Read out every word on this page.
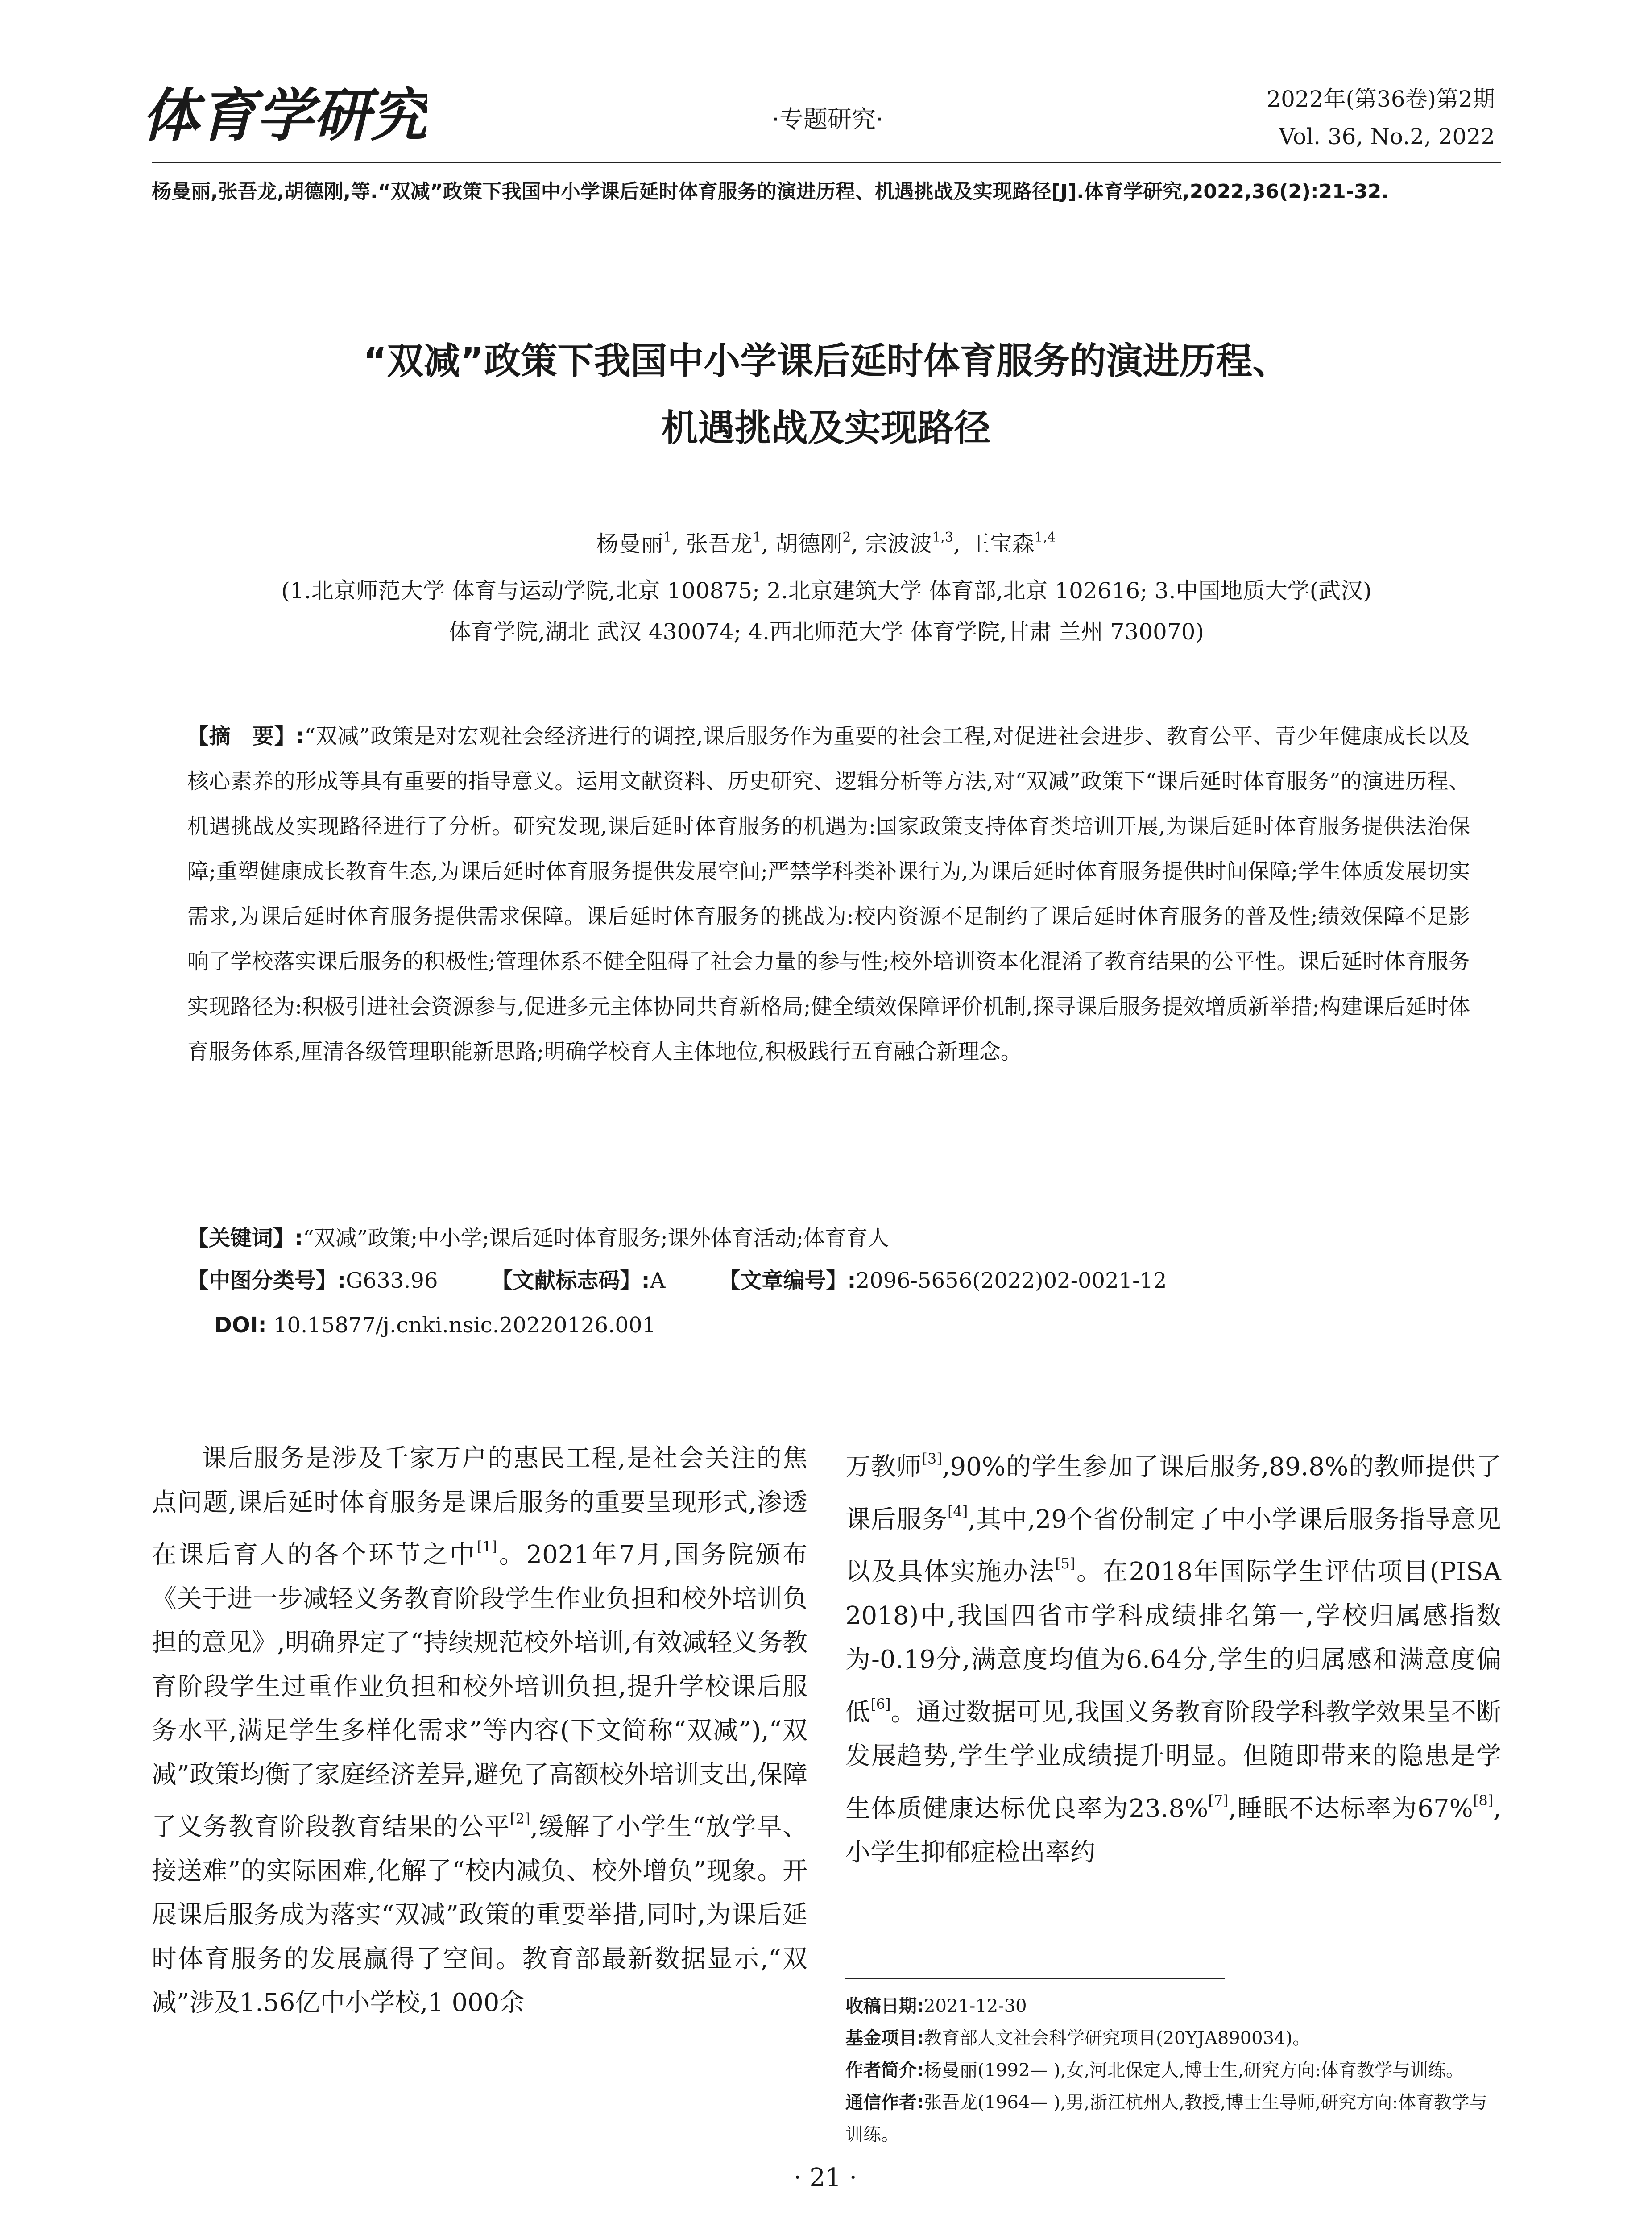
体育学研究	·专题研究·
2022年(第36卷)第2期
Vol. 36, No.2, 2022
杨曼丽,张吾龙,胡德刚,等.“双减”政策下我国中小学课后延时体育服务的演进历程、机遇挑战及实现路径[J].体育学研究,2022,36(2):21-32.
“双减”政策下我国中小学课后延时体育服务的演进历程、
机遇挑战及实现路径
杨曼丽$^1$, 张吾龙$^1$, 胡德刚$^2$, 宗波波$^{1,3}$, 王宝森$^{1,4}$
(1.北京师范大学 体育与运动学院,北京 100875; 2.北京建筑大学 体育部,北京 102616; 3.中国地质大学(武汉)
体育学院,湖北 武汉 430074; 4.西北师范大学 体育学院,甘肃 兰州 730070)
【摘　要】:“双减”政策是对宏观社会经济进行的调控,课后服务作为重要的社会工程,对促进社会进步、教育公平、青少年健康成长以及核心素养的形成等具有重要的指导意义。运用文献资料、历史研究、逻辑分析等方法,对“双减”政策下“课后延时体育服务”的演进历程、机遇挑战及实现路径进行了分析。研究发现,课后延时体育服务的机遇为:国家政策支持体育类培训开展,为课后延时体育服务提供法治保障;重塑健康成长教育生态,为课后延时体育服务提供发展空间;严禁学科类补课行为,为课后延时体育服务提供时间保障;学生体质发展切实需求,为课后延时体育服务提供需求保障。课后延时体育服务的挑战为:校内资源不足制约了课后延时体育服务的普及性;绩效保障不足影响了学校落实课后服务的积极性;管理体系不健全阻碍了社会力量的参与性;校外培训资本化混淆了教育结果的公平性。课后延时体育服务实现路径为:积极引进社会资源参与,促进多元主体协同共育新格局;健全绩效保障评价机制,探寻课后服务提效增质新举措;构建课后延时体育服务体系,厘清各级管理职能新思路;明确学校育人主体地位,积极践行五育融合新理念。
【关键词】:“双减”政策;中小学;课后延时体育服务;课外体育活动;体育育人
【中图分类号】:G633.96	【文献标志码】:A	【文章编号】:2096-5656(2022)02-0021-12
DOI: 10.15877/j.cnki.nsic.20220126.001

课后服务是涉及千家万户的惠民工程,是社会关注的焦点问题,课后延时体育服务是课后服务的重要呈现形式,渗透在课后育人的各个环节之中[1]。2021年7月,国务院颁布《关于进一步减轻义务教育阶段学生作业负担和校外培训负担的意见》,明确界定了“持续规范校外培训,有效减轻义务教育阶段学生过重作业负担和校外培训负担,提升学校课后服务水平,满足学生多样化需求”等内容(下文简称“双减”),“双减”政策均衡了家庭经济差异,避免了高额校外培训支出,保障了义务教育阶段教育结果的公平[2],缓解了小学生“放学早、接送难”的实际困难,化解了“校内减负、校外增负”现象。开展课后服务成为落实“双减”政策的重要举措,同时,为课后延时体育服务的发展赢得了空间。教育部最新数据显示,“双减”涉及1.56亿中小学校,1 000余

万教师[3],90%的学生参加了课后服务,89.8%的教师提供了课后服务[4],其中,29个省份制定了中小学课后服务指导意见以及具体实施办法[5]。在2018年国际学生评估项目(PISA 2018)中,我国四省市学科成绩排名第一,学校归属感指数为-0.19分,满意度均值为6.64分,学生的归属感和满意度偏低[6]。通过数据可见,我国义务教育阶段学科教学效果呈不断发展趋势,学生学业成绩提升明显。但随即带来的隐患是学生体质健康达标优良率为23.8%[7],睡眠不达标率为67%[8],小学生抑郁症检出率约

收稿日期:2021-12-30

基金项目:教育部人文社会科学研究项目(20YJA890034)。

作者简介:杨曼丽(1992— ),女,河北保定人,博士生,研究方向:体育教学与训练。

通信作者:张吾龙(1964— ),男,浙江杭州人,教授,博士生导师,研究方向:体育教学与训练。

· 21 ·
